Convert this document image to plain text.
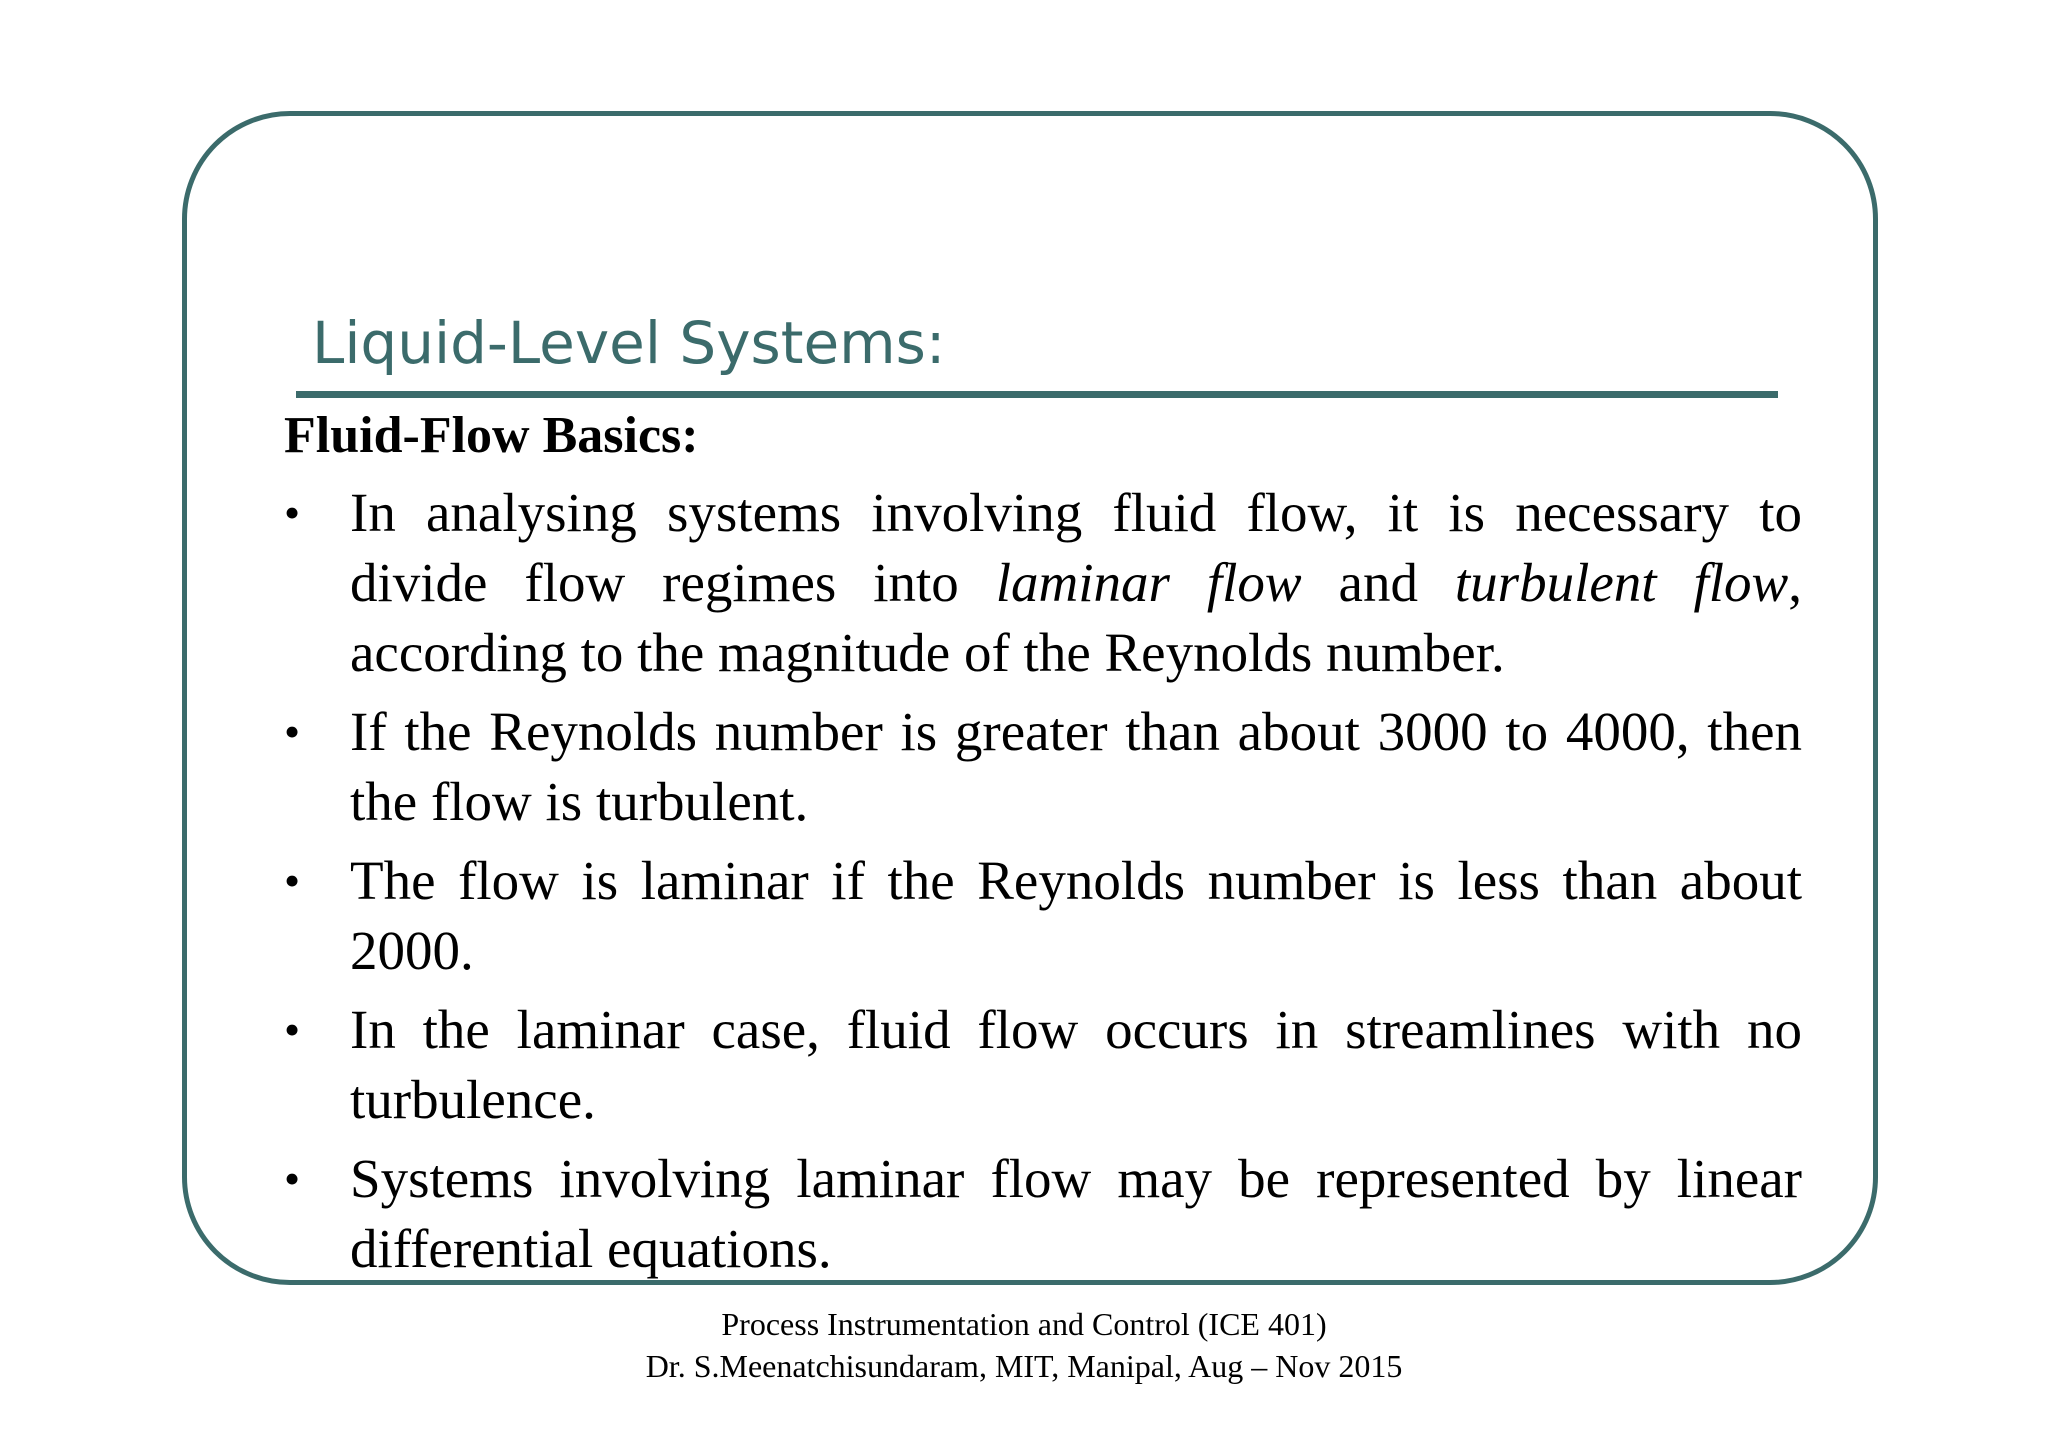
Liquid-Level Systems:
Fluid-Flow Basics:
• In analysing systems involving fluid flow, it is necessary to divide flow regimes into laminar flow and turbulent flow, according to the magnitude of the Reynolds number.
• If the Reynolds number is greater than about 3000 to 4000, then the flow is turbulent.
• The flow is laminar if the Reynolds number is less than about 2000.
• In the laminar case, fluid flow occurs in streamlines with no turbulence.
• Systems involving laminar flow may be represented by linear differential equations.
Process Instrumentation and Control (ICE 401)
Dr. S.Meenatchisundaram, MIT, Manipal, Aug – Nov 2015
